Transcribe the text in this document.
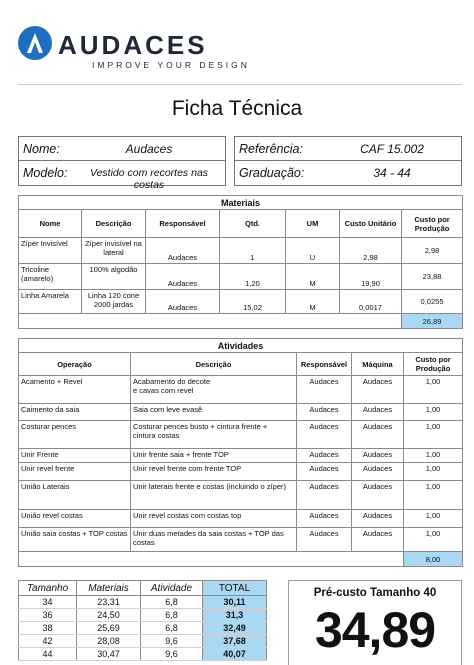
AUDACES
IMPROVE YOUR DESIGN
Ficha Técnica
Nome:	Audaces
Modelo:	Vestido com recortes nas costas
Referência:	CAF 15.002
Graduação:	34 - 44
Materiais						
Nome	Descrição	Responsável	Qtd.	UM	Custo Unitário	Custo por Produção
Zíper Invisível	Zíper invisível na lateral	Audaces	1	U	2,98	2,98
Tricoline (amarelo)	100% algodão	Audaces	1,20	M	19,90	23,88
Linha Amarela	Linha 120 cone 2000 jardas	Audaces	15,02	M	0,0017	0,0255
						26,89
Atividades				
Operação	Descrição	Responsável	Máquina	Custo por Produção
Acamento + Revel	Acabamento do decote
e cavas com revel	Audaces	Audaces	1,00
Caimento da saia	Saia com leve evasê	Audaces	Audaces	1,00
Costurar pences	Costurar pences busto + cintura frente +
cintura costas	Audaces	Audaces	1,00
Unir Frente	Unir frente saia + frente TOP	Audaces	Audaces	1,00
Unir revel frente	Unir revel frente com frente TOP	Audaces	Audaces	1,00
União Laterais	Unir laterais frente e costas (incluindo o zíper)	Audaces	Audaces	1,00
União revel costas	Unir revel costas com costas top	Audaces	Audaces	1,00
União saia costas + TOP costas	Unir duas metades da saia costas + TOP das costas	Audaces	Audaces	1,00
				8,00
Tamanho	Materiais	Atividade	TOTAL
34	23,31	6,8	30,11
36	24,50	6,8	31,3
38	25,69	6,8	32,49
42	28,08	9,6	37,68
44	30,47	9,6	40,07
Pré-custo Tamanho 40
34,89
